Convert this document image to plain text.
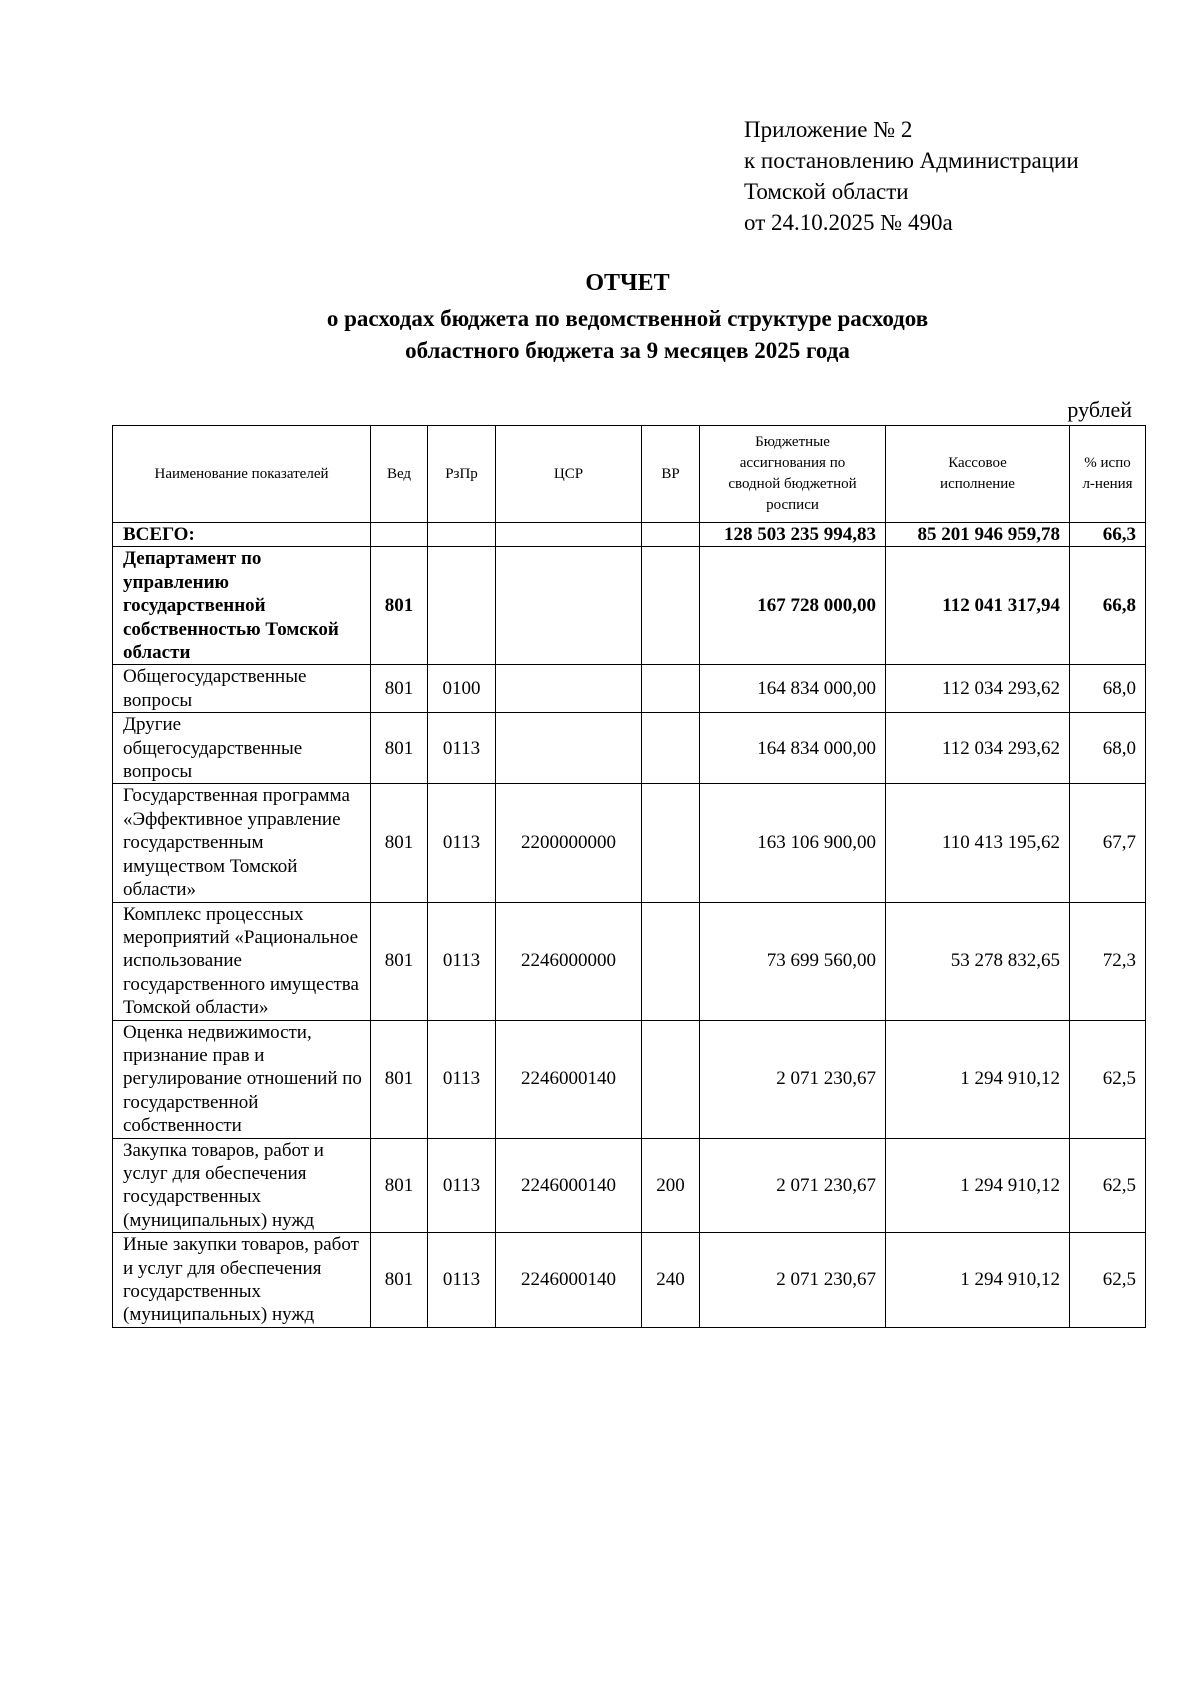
Приложение № 2
к постановлению Администрации
Томской области
от 24.10.2025 № 490а
ОТЧЕТ
о расходах бюджета по ведомственной структуре расходов
областного бюджета за 9 месяцев 2025 года
рублей
Наименование показателей	Вед	РзПр	ЦСР	ВР	Бюджетные ассигнования по сводной бюджетной росписи	Кассовое исполнение	% испол-нения
ВСЕГО:					128 503 235 994,83	85 201 946 959,78	66,3
Департамент по управлению государственной собственностью Томской области	801				167 728 000,00	112 041 317,94	66,8
Общегосударственные вопросы	801	0100			164 834 000,00	112 034 293,62	68,0
Другие общегосударственные вопросы	801	0113			164 834 000,00	112 034 293,62	68,0
Государственная программа «Эффективное управление государственным имуществом Томской области»	801	0113	2200000000		163 106 900,00	110 413 195,62	67,7
Комплекс процессных мероприятий «Рациональное использование государственного имущества Томской области»	801	0113	2246000000		73 699 560,00	53 278 832,65	72,3
Оценка недвижимости, признание прав и регулирование отношений по государственной собственности	801	0113	2246000140		2 071 230,67	1 294 910,12	62,5
Закупка товаров, работ и услуг для обеспечения государственных (муниципальных) нужд	801	0113	2246000140	200	2 071 230,67	1 294 910,12	62,5
Иные закупки товаров, работ и услуг для обеспечения государственных (муниципальных) нужд	801	0113	2246000140	240	2 071 230,67	1 294 910,12	62,5
